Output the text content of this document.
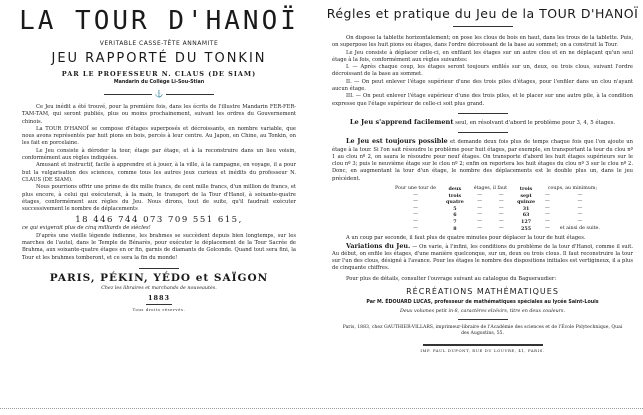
LA TOUR D'HANOÏ
VERITABLE CASSE-TÊTE ANNAMITE
JEU RAPPORTÉ DU TONKIN
PAR LE PROFESSEUR N. CLAUS (DE SIAM)
Mandarin du Collège Li-Sou-Stian
⚓

Ce Jeu inédit a été trouvé, pour la première fois, dans les écrits de l'illustre Mandarin FER-FER-TAM-TAM, qui seront publiés, plus ou moins prochainement, suivant les ordres du Gouvernement chinois.

La TOUR D'HANOÏ se compose d'étages superposés et décroissants, en nombre variable, que nous avons représentés par huit pions en bois, percés à leur centre. Au Japon, en Chine, au Tonkin, on les fait en porcelaine.

Le Jeu consiste à déroder la tour, étage par étage, et à la reconstruire dans un lieu voisin, conformément aux règles indiquées.

Amusant et instructif, facile à apprendre et à jouer, à la ville, à la campagne, en voyage, il a pour but la vulgarisation des sciences, comme tous les autres jeux curieux et inédits du professeur N. CLAUS (DE SIAM).

Nous pourrions offrir une prime de dix mille francs, de cent mille francs, d'un million de francs, et plus encore, à celui qui exécuterait, à la main, le transport de la Tour d'Hanoï, à soixante-quatre étages, conformément aux règles du Jeu. Nous dirons, tout de suite, qu'il faudrait exécuter successivement le nombre de déplacements

18 446 744 073 709 551 615,

ce qui exigerait plus de cinq milliards de siècles!

D'après une vieille légende indienne, les brahmes se succèdent depuis bien longtemps, sur les marches de l'autel, dans le Temple de Bénarès, pour exécuter le déplacement de la Tour Sacrée de Brahma, aux soixante-quatre étages en or fin, garnis de diamants de Golconde. Quand tout sera fini, la Tour et les brahmes tomberont, et ce sera la fin du monde!

PARIS, PÉKIN, YÉDO et SAÏGON
Chez les libraires et marchands de nouveautés.
1883
Tous droits réservés.
Régles et pratique du Jeu de la TOUR D'HANOÏ

On dispose la tablette horizontalement; on pose les clous de bois en haut, dans les trous de la tablette. Puis, on superpose les huit pions ou étages, dans l'ordre décroissant de la base au sommet; on a construit la Tour.

Le Jeu consiste à déplacer celle-ci, en enfilant les étages sur un autre clou et en ne déplaçant qu'un seul étage à la fois, conformément aux règles suivantes:

I. — Après chaque coup, les étages seront toujours enfilés sur un, deux, ou trois clous, suivant l'ordre décroissant de la base au sommet.

II. — On peut enlever l'étage supérieur d'une des trois piles d'étages, pour l'enfiler dans un clou n'ayant aucun étage.

III. — On peut enlever l'étage supérieur d'une des trois piles, et le placer sur une autre pile, à la condition expresse que l'étage supérieur de celle-ci soit plus grand.

Le Jeu s'apprend facilement seul, en résolvant d'abord le problème pour 3, 4, 5 étages.

Le Jeu est toujours possible et demande deux fois plus de temps chaque fois que l'on ajoute un étage à la tour. Si l'on sait résoudre le problème pour huit étages, par exemple, en transportant la tour du clou nº 1 au clou nº 2, on saura le résoudre pour neuf étages. On transporte d'abord les huit étages supérieurs sur le clou nº 3; puis le neuvième étage sur le clou nº 2; enfin on reportera les huit étages du clou nº 3 sur le clou nº 2. Donc, en augmentant la tour d'un étage, le nombre des déplacements est le double plus un, dans le jeu précédent.

Pour une tour de	deux	étages, il faut		trois	coups, au minimum;	
—	trois	—	—	sept	—	—
—	quatre	—	—	quinze	—	—
—	5	—	—	31	—	—
—	6	—	—	63	—	—
—	7	—	—	127	—	—
—	8	—	—	255	—	et ainsi de suite.

A un coup par seconde, il faut plus de quatre minutes pour déplacer la tour de huit étages.

Variations du Jeu. — On varie, à l'infini, les conditions du problème de la tour d'Hanoï, comme il suit. Au début, on enfile les étages, d'une manière quelconque, sur un, deux ou trois clous. Il faut reconstruire la tour sur l'un des clous, désigné à l'avance. Pour les étages le nombre des dispositions initiales est vertigineux, il a plus de cinquante chiffres.

Pour plus de détails, consulter l'ouvrage suivant au catalogue du Bagueraudier:

RÉCRÉATIONS MATHÉMATIQUES
Par M. ÉDOUARD LUCAS, professeur de mathématiques spéciales au lycée Saint-Louis
Deux volumes petit in-8, caractères elzévirs, titre en deux couleurs.
Paris, 1883, chez GAUTHIER-VILLARS, imprimeur-libraire de l'Académie des sciences et de l'École Polytechnique, Quai des Augustins, 55.
IMP. PAUL DUPONT, RUE DU LOUVRE, 41, PARIS.
